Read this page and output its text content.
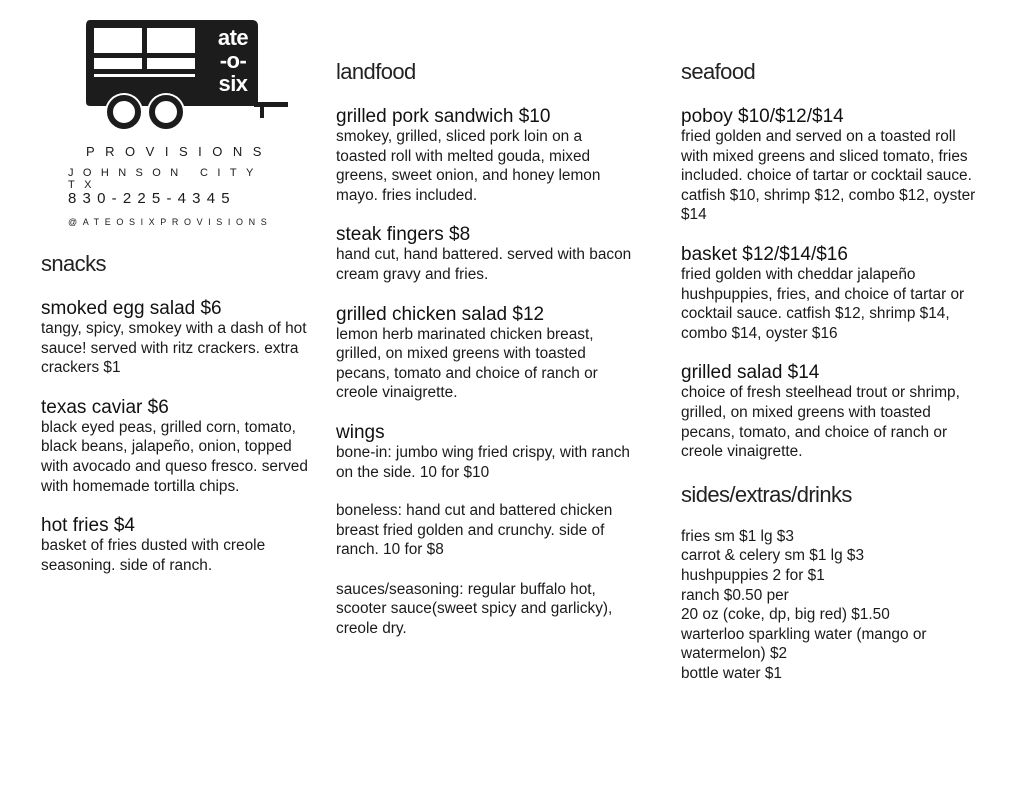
ate
-o-
six
PROVISIONS
JOHNSON CITY TX
830-225-4345
@ATEOSIXPROVISIONS
snacks
smoked egg salad $6
tangy, spicy, smokey with a dash of hot sauce! served with ritz crackers. extra crackers $1
texas caviar $6
black eyed peas, grilled corn, tomato, black beans, jalapeño, onion, topped with avocado and queso fresco. served with homemade tortilla chips.
hot fries $4
basket of fries dusted with creole seasoning. side of ranch.
landfood
grilled pork sandwich $10
smokey, grilled, sliced pork loin on a toasted roll with melted gouda, mixed greens, sweet onion, and honey lemon mayo. fries included.
steak fingers $8
hand cut, hand battered. served with bacon cream gravy and fries.
grilled chicken salad $12
lemon herb marinated chicken breast, grilled, on mixed greens with toasted pecans, tomato and choice of ranch or creole vinaigrette.
wings
bone-in: jumbo wing fried crispy, with ranch on the side. 10 for $10
boneless: hand cut and battered chicken breast fried golden and crunchy. side of ranch. 10 for $8
sauces/seasoning: regular buffalo hot, scooter sauce(sweet spicy and garlicky), creole dry.
seafood
poboy $10/$12/$14
fried golden and served on a toasted roll with mixed greens and sliced tomato, fries included. choice of tartar or cocktail sauce. catfish $10, shrimp $12, combo $12, oyster $14
basket $12/$14/$16
fried golden with cheddar jalapeño hushpuppies, fries, and choice of tartar or cocktail sauce. catfish $12, shrimp $14, combo $14, oyster $16
grilled salad $14
choice of fresh steelhead trout or shrimp, grilled, on mixed greens with toasted pecans, tomato, and choice of ranch or creole vinaigrette.
sides/extras/drinks
fries sm $1 lg $3
carrot & celery sm $1 lg $3
hushpuppies 2 for $1
ranch $0.50 per
20 oz (coke, dp, big red) $1.50
warterloo sparkling water (mango or watermelon) $2
bottle water $1
